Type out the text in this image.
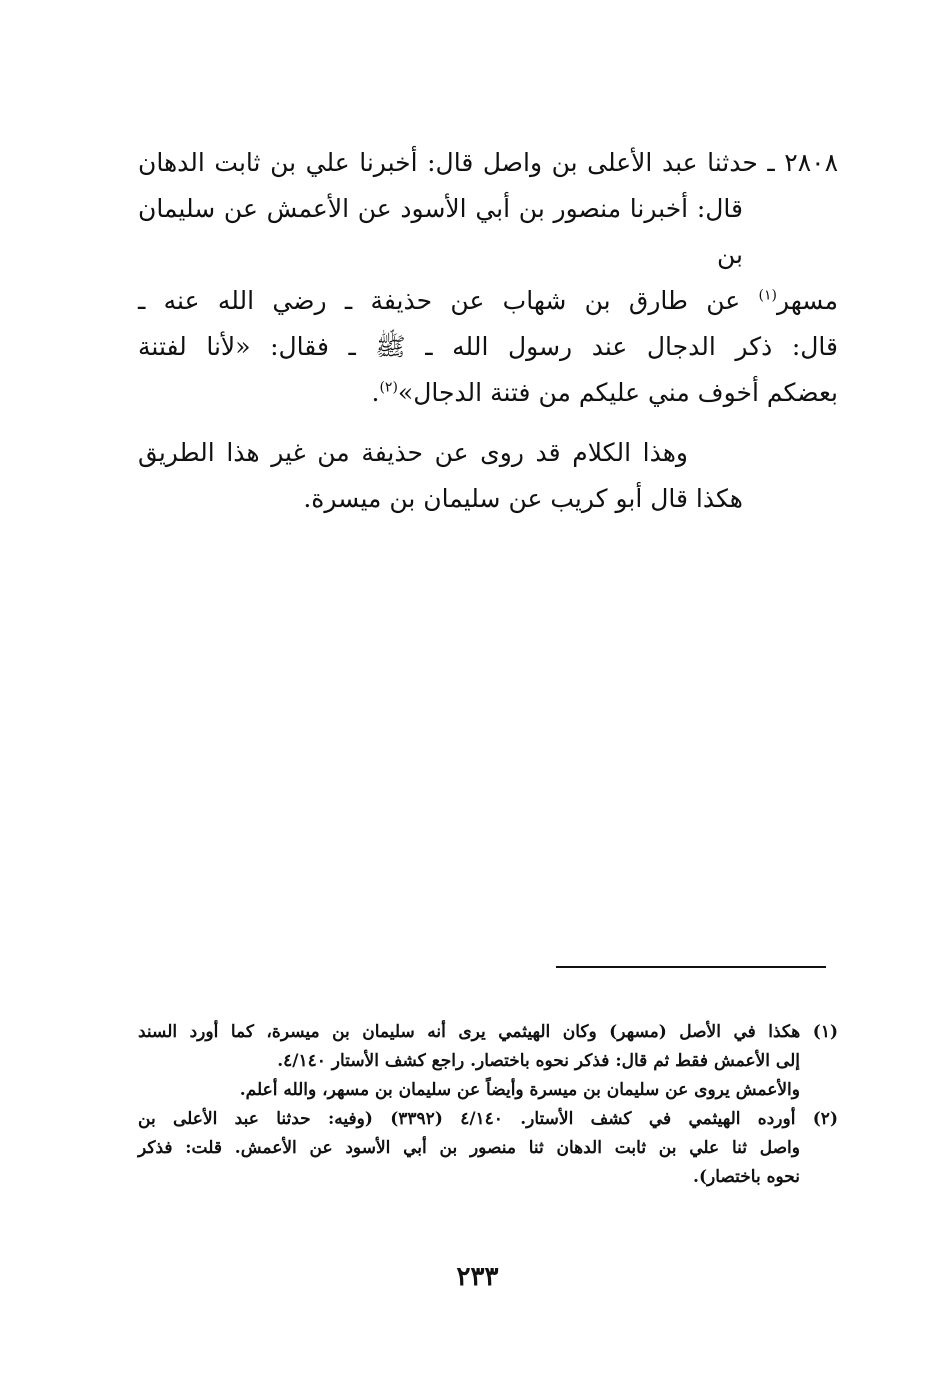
٢٨٠٨ ـ حدثنا عبد الأعلى بن واصل قال: أخبرنا علي بن ثابت الدهان
قال: أخبرنا منصور بن أبي الأسود عن الأعمش عن سليمان بن
مسهر$^{(١)}$ عن طارق بن شهاب عن حذيفة ـ رضي الله عنه ـ
قال: ذكر الدجال عند رسول الله ـ ﷺ ـ فقال: «لأنا لفتنة
بعضكم أخوف مني عليكم من فتنة الدجال»$^{(٢)}$.

وهذا الكلام قد روى عن حذيفة من غير هذا الطريق
هكذا قال أبو كريب عن سليمان بن ميسرة.

(١) هكذا في الأصل (مسهر) وكان الهيثمي يرى أنه سليمان بن ميسرة، كما أورد السند
إلى الأعمش فقط ثم قال: فذكر نحوه باختصار. راجع كشف الأستار ٤/١٤٠.
والأعمش يروى عن سليمان بن ميسرة وأيضاً عن سليمان بن مسهر، والله أعلم.

(٢) أورده الهيثمي في كشف الأستار. ٤/١٤٠ (٣٣٩٢) (وفيه: حدثنا عبد الأعلى بن
واصل ثنا علي بن ثابت الدهان ثنا منصور بن أبي الأسود عن الأعمش. قلت: فذكر
نحوه باختصار).

٢٣٣
